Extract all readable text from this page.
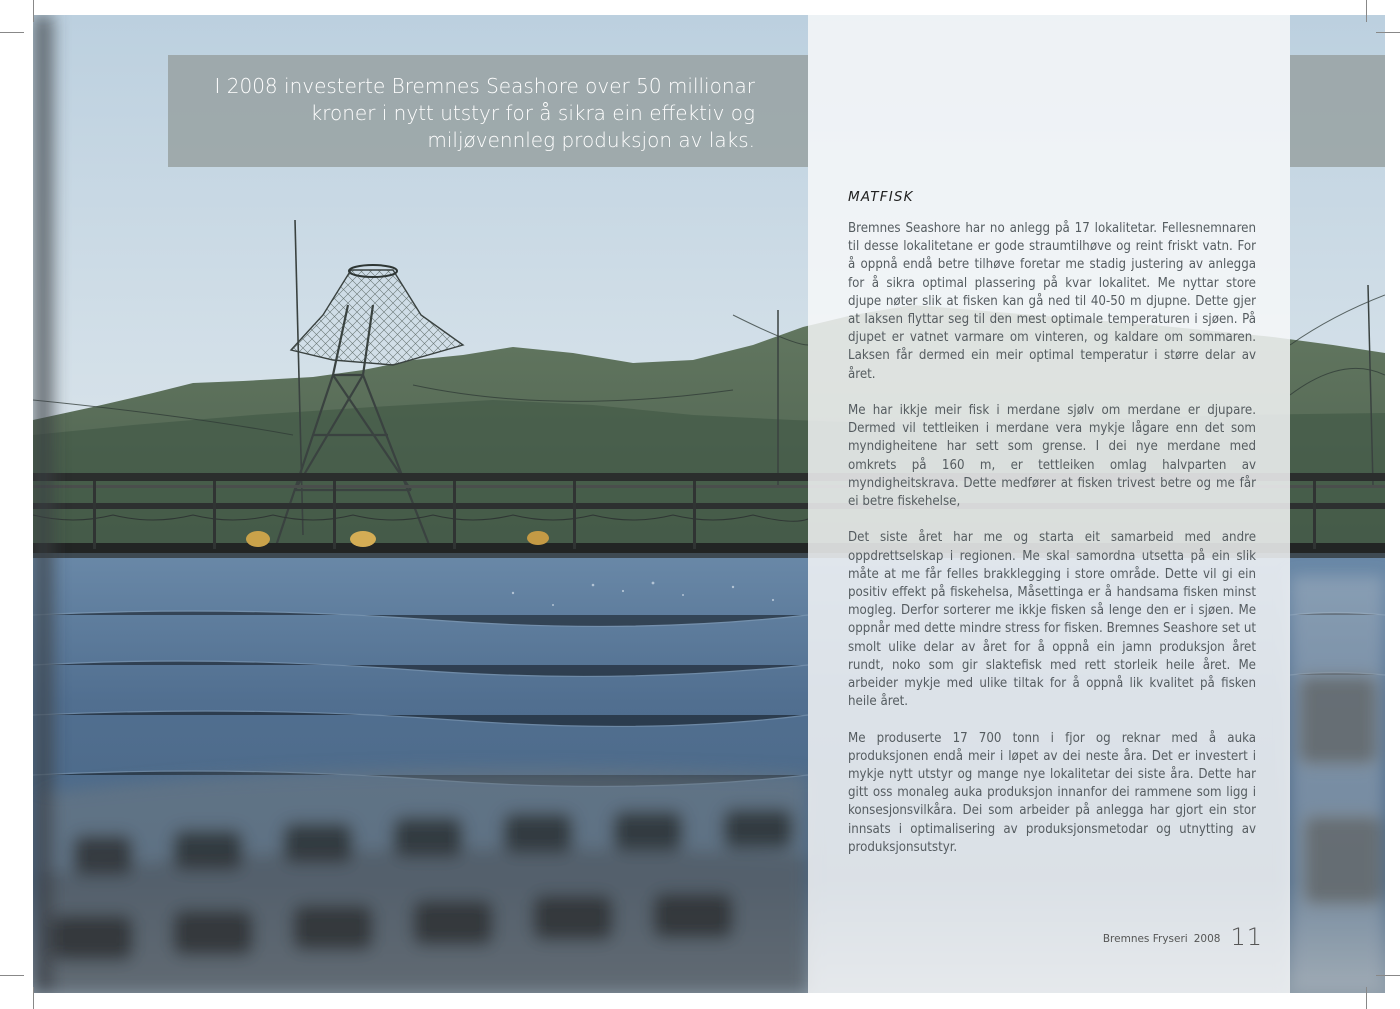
I 2008 investerte Bremnes Seashore over 50 millionar kroner i nytt utstyr for å sikra ein effektiv og miljøvennleg produksjon av laks.

MATFISK

Bremnes Seashore har no anlegg på 17 lokalitetar. Fellesnemnaren til desse lokalitetane er gode straumtilhøve og reint friskt vatn. For å oppnå endå betre tilhøve foretar me stadig justering av anlegga for å sikra optimal plassering på kvar lokalitet. Me nyttar store djupe nøter slik at fisken kan gå ned til 40-50 m djupne. Dette gjer at laksen flyttar seg til den mest optimale temperaturen i sjøen. På djupet er vatnet varmare om vinteren, og kaldare om sommaren. Laksen får dermed ein meir optimal temperatur i større delar av året.

Me har ikkje meir fisk i merdane sjølv om merdane er djupare. Dermed vil tettleiken i merdane vera mykje lågare enn det som myndigheitene har sett som grense. I dei nye merdane med omkrets på 160 m, er tettleiken omlag halvparten av myndigheitskrava. Dette medfører at fisken trivest betre og me får ei betre fiskehelse,

Det siste året har me og starta eit samarbeid med andre oppdrettselskap i regionen. Me skal samordna utsetta på ein slik måte at me får felles brakklegging i store område. Dette vil gi ein positiv effekt på fiskehelsa, Måsettinga er å handsama fisken minst mogleg. Derfor sorterer me ikkje fisken så lenge den er i sjøen. Me oppnår med dette mindre stress for fisken. Bremnes Seashore set ut smolt ulike delar av året for å oppnå ein jamn produksjon året rundt, noko som gir slaktefisk med rett storleik heile året. Me arbeider mykje med ulike tiltak for å oppnå lik kvalitet på fisken heile året.

Me produserte 17 700 tonn i fjor og reknar med å auka produksjonen endå meir i løpet av dei neste åra. Det er investert i mykje nytt utstyr og mange nye lokalitetar dei siste åra. Dette har gitt oss monaleg auka produksjon innanfor dei rammene som ligg i konsesjonsvilkåra. Dei som arbeider på anlegga har gjort ein stor innsats i optimalisering av produksjonsmetodar og utnytting av produksjonsutstyr.

Bremnes Fryseri 2008 11
